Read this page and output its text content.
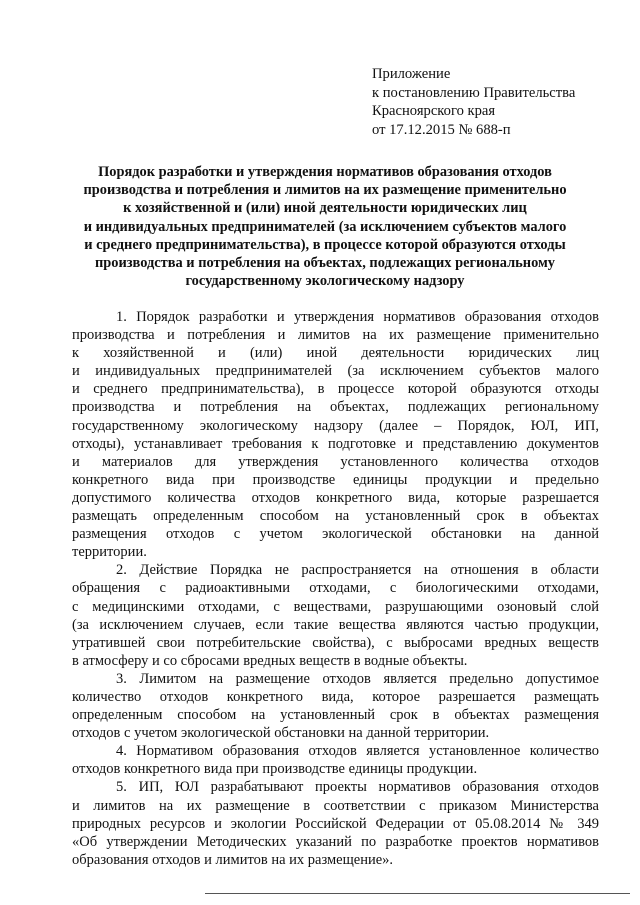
Приложение
к постановлению Правительства
Красноярского края
от 17.12.2015 № 688-п
Порядок разработки и утверждения нормативов образования отходов
производства и потребления и лимитов на их размещение применительно
к хозяйственной и (или) иной деятельности юридических лиц
и индивидуальных предпринимателей (за исключением субъектов малого
и среднего предпринимательства), в процессе которой образуются отходы
производства и потребления на объектах, подлежащих региональному
государственному экологическому надзору
1. Порядок разработки и утверждения нормативов образования отходов
производства и потребления и лимитов на их размещение применительно
к хозяйственной и (или) иной деятельности юридических лиц
и индивидуальных предпринимателей (за исключением субъектов малого
и среднего предпринимательства), в процессе которой образуются отходы
производства и потребления на объектах, подлежащих региональному
государственному экологическому надзору (далее – Порядок, ЮЛ, ИП,
отходы), устанавливает требования к подготовке и представлению документов
и материалов для утверждения установленного количества отходов
конкретного вида при производстве единицы продукции и предельно
допустимого количества отходов конкретного вида, которые разрешается
размещать определенным способом на установленный срок в объектах
размещения отходов с учетом экологической обстановки на данной
территории.
2. Действие Порядка не распространяется на отношения в области
обращения с радиоактивными отходами, с биологическими отходами,
с медицинскими отходами, с веществами, разрушающими озоновый слой
(за исключением случаев, если такие вещества являются частью продукции,
утратившей свои потребительские свойства), с выбросами вредных веществ
в атмосферу и со сбросами вредных веществ в водные объекты.
3. Лимитом на размещение отходов является предельно допустимое
количество отходов конкретного вида, которое разрешается размещать
определенным способом на установленный срок в объектах размещения
отходов с учетом экологической обстановки на данной территории.
4. Нормативом образования отходов является установленное количество
отходов конкретного вида при производстве единицы продукции.
5. ИП, ЮЛ разрабатывают проекты нормативов образования отходов
и лимитов на их размещение в соответствии с приказом Министерства
природных ресурсов и экологии Российской Федерации от 05.08.2014 № 349
«Об утверждении Методических указаний по разработке проектов нормативов
образования отходов и лимитов на их размещение».
